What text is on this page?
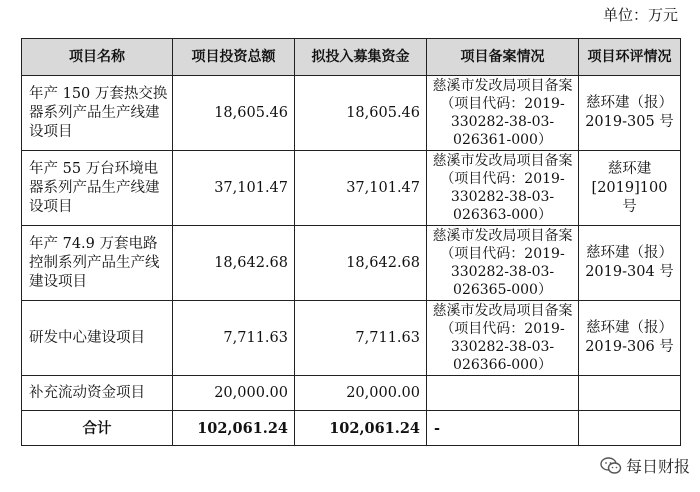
单位：万元
项目名称	项目投资总额	拟投入募集资金	项目备案情况	项目环评情况
年产 150 万套热交换器系列产品生产线建设项目	18,605.46	18,605.46	慈溪市发改局项目备案（项目代码：2019-330282-38-03-026361-000）	慈环建（报）2019-305 号
年产 55 万台环境电器系列产品生产线建设项目	37,101.47	37,101.47	慈溪市发改局项目备案（项目代码：2019-330282-38-03-026363-000）	慈环建[2019]100 号
年产 74.9 万套电路控制系列产品生产线建设项目	18,642.68	18,642.68	慈溪市发改局项目备案（项目代码：2019-330282-38-03-026365-000）	慈环建（报）2019-304 号
研发中心建设项目	7,711.63	7,711.63	慈溪市发改局项目备案（项目代码：2019-330282-38-03-026366-000）	慈环建（报）2019-306 号
补充流动资金项目	20,000.00	20,000.00		
合计	102,061.24	102,061.24	-	
每日财报
